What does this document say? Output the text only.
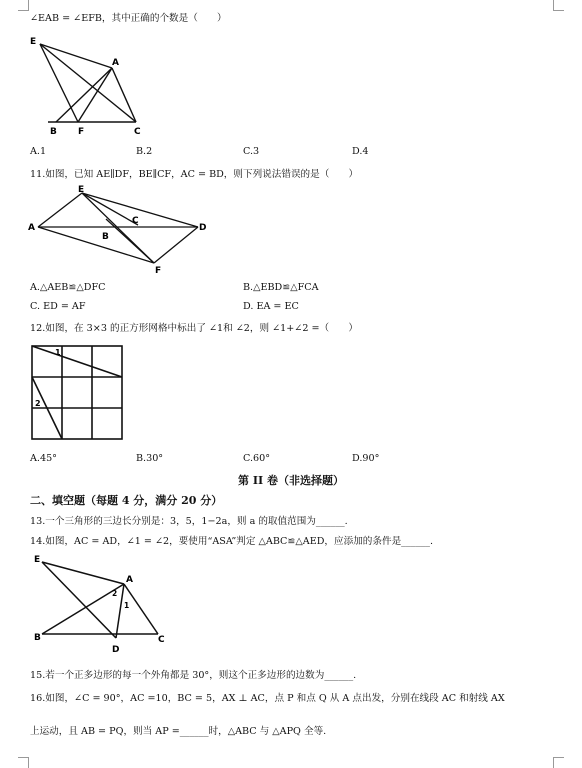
∠EAB = ∠EFB，其中正确的个数是（　　）
E
A
B F	C
A.1	B.2	C.3	D.4
11.如图，已知 AE∥DF，BE∥CF，AC = BD，则下列说法错误的是（　　）
E
A
C
D
B
F
A.△AEB≌△DFC	B.△EBD≌△FCA
C. ED = AF	D. EA = EC
12.如图，在 3×3 的正方形网格中标出了 ∠1和 ∠2，则 ∠1+∠2 =（　　）
1
2
A.45°	B.30°	C.60°	D.90°
第 II 卷（非选择题）
二、填空题（每题 4 分，满分 20 分）
13.一个三角形的三边长分别是：3，5，1−2a，则 a 的取值范围为______.
14.如图，AC = AD，∠1 = ∠2，要使用“ASA”判定 △ABC≌△AED，应添加的条件是______.
E
A
B	C
D
1
2
15.若一个正多边形的每一个外角都是 30°，则这个正多边形的边数为______.
16.如图，∠C = 90°，AC =10，BC = 5，AX ⊥ AC，点 P 和点 Q 从 A 点出发，分别在线段 AC 和射线 AX
上运动，且 AB = PQ，则当 AP =______时，△ABC 与 △APQ 全等.
